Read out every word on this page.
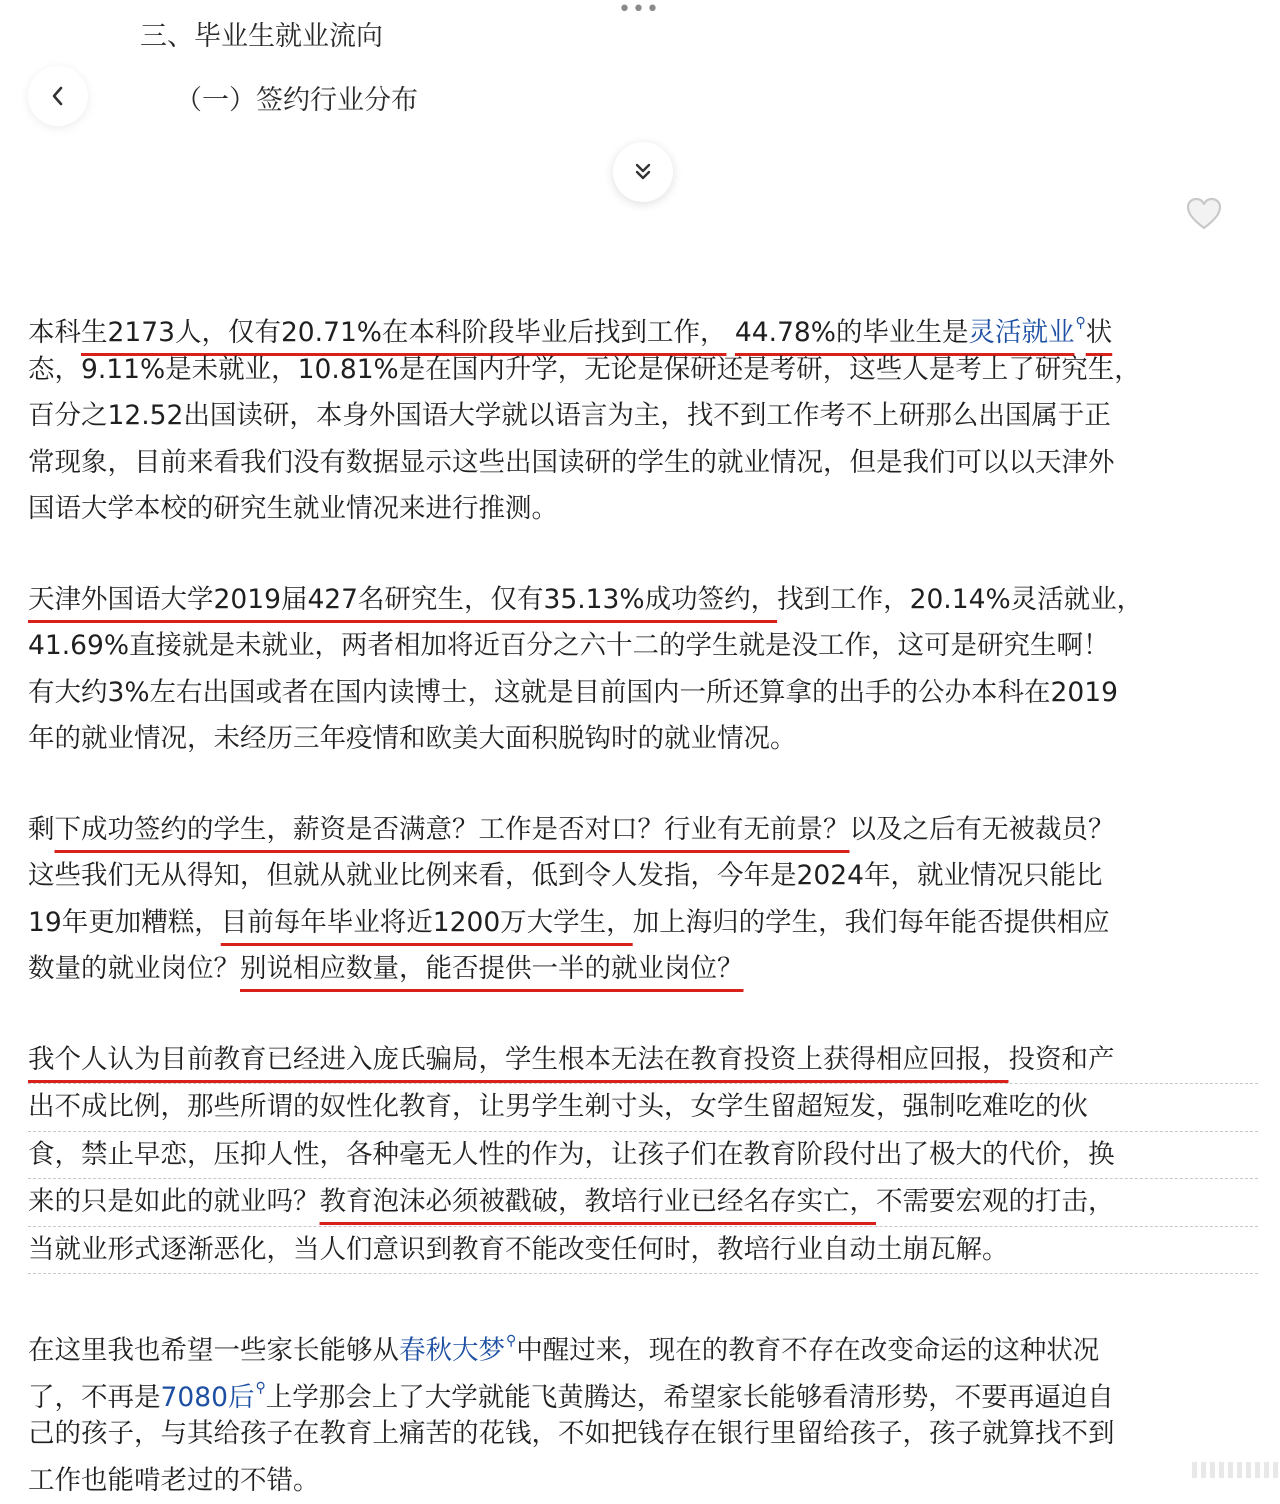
•••
三、毕业生就业流向
（一）签约行业分布

本科生2173人，仅有20.71%在本科阶段毕业后找到工作， 44.78%的毕业生是灵活就业⚲状
态，9.11%是未就业，10.81%是在国内升学，无论是保研还是考研，这些人是考上了研究生，
百分之12.52出国读研，本身外国语大学就以语言为主，找不到工作考不上研那么出国属于正
常现象，目前来看我们没有数据显示这些出国读研的学生的就业情况，但是我们可以以天津外
国语大学本校的研究生就业情况来进行推测。

天津外国语大学2019届427名研究生，仅有35.13%成功签约，找到工作，20.14%灵活就业，
41.69%直接就是未就业，两者相加将近百分之六十二的学生就是没工作，这可是研究生啊！
有大约3%左右出国或者在国内读博士，这就是目前国内一所还算拿的出手的公办本科在2019
年的就业情况，未经历三年疫情和欧美大面积脱钩时的就业情况。

剩下成功签约的学生，薪资是否满意？工作是否对口？行业有无前景？以及之后有无被裁员？
这些我们无从得知，但就从就业比例来看，低到令人发指，今年是2024年，就业情况只能比
19年更加糟糕，目前每年毕业将近1200万大学生，加上海归的学生，我们每年能否提供相应
数量的就业岗位？别说相应数量，能否提供一半的就业岗位？

我个人认为目前教育已经进入庞氏骗局，学生根本无法在教育投资上获得相应回报，投资和产
出不成比例，那些所谓的奴性化教育，让男学生剃寸头，女学生留超短发，强制吃难吃的伙
食，禁止早恋，压抑人性，各种毫无人性的作为，让孩子们在教育阶段付出了极大的代价，换
来的只是如此的就业吗？教育泡沫必须被戳破，教培行业已经名存实亡，不需要宏观的打击，
当就业形式逐渐恶化，当人们意识到教育不能改变任何时，教培行业自动土崩瓦解。

在这里我也希望一些家长能够从春秋大梦⚲中醒过来，现在的教育不存在改变命运的这种状况
了，不再是7080后⚲上学那会上了大学就能飞黄腾达，希望家长能够看清形势，不要再逼迫自
己的孩子，与其给孩子在教育上痛苦的花钱，不如把钱存在银行里留给孩子，孩子就算找不到
工作也能啃老过的不错。
